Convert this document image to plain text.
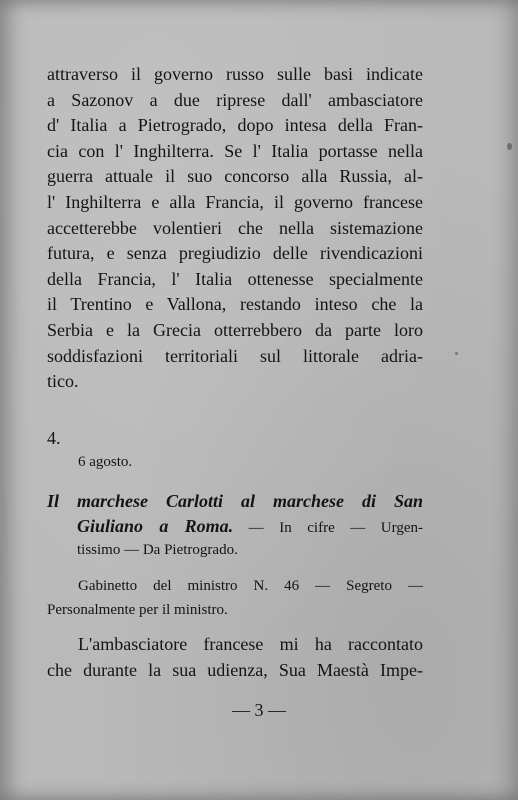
attraverso il governo russo sulle basi indicate
a Sazonov a due riprese dall' ambasciatore
d' Italia a Pietrogrado, dopo intesa della Fran-
cia con l' Inghilterra. Se l' Italia portasse nella
guerra attuale il suo concorso alla Russia, al-
l' Inghilterra e alla Francia, il governo francese
accetterebbe volentieri che nella sistemazione
futura, e senza pregiudizio delle rivendicazioni
della Francia, l' Italia ottenesse specialmente
il Trentino e Vallona, restando inteso che la
Serbia e la Grecia otterrebbero da parte loro
soddisfazioni territoriali sul littorale adria-
tico.
4.
6 agosto.
Il marchese Carlotti al marchese di San
Giuliano a Roma. — In cifre — Urgen-
tissimo — Da Pietrogrado.
Gabinetto del ministro N. 46 — Segreto —
Personalmente per il ministro.
L'ambasciatore francese mi ha raccontato
che durante la sua udienza, Sua Maestà Impe-
— 3 —
